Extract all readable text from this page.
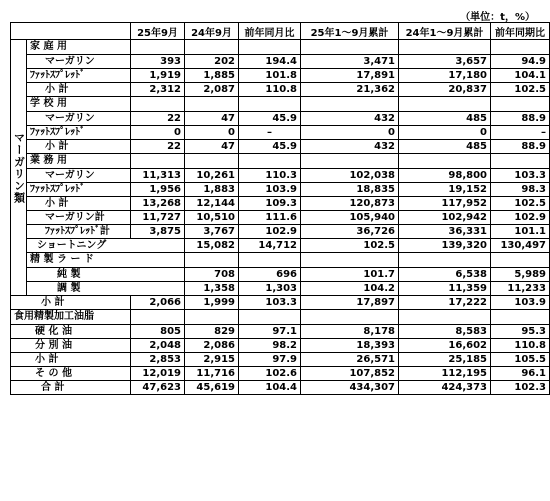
（単位：t，%）
		25年9月	24年9月	前年同月比	25年1～9月累計	24年1～9月累計	前年同期比	
マーガリン類	家 庭 用							
	マーガリン	393	202	194.4	3,471	3,657	94.9	
	ﾌｧｯﾄｽﾌﾟﾚｯﾄﾞ	1,919	1,885	101.8	17,891	17,180	104.1	
	小 計	2,312	2,087	110.8	21,362	20,837	102.5	
	学 校 用							
	マーガリン	22	47	45.9	432	485	88.9	
	ﾌｧｯﾄｽﾌﾟﾚｯﾄﾞ	0	0	–	0	0	–	
	小 計	22	47	45.9	432	485	88.9	
	業 務 用							
	マーガリン	11,313	10,261	110.3	102,038	98,800	103.3	
	ﾌｧｯﾄｽﾌﾟﾚｯﾄﾞ	1,956	1,883	103.9	18,835	19,152	98.3	
	小 計	13,268	12,144	109.3	120,873	117,952	102.5	
	マーガリン計	11,727	10,510	111.6	105,940	102,942	102.9	
	ﾌｧｯﾄｽﾌﾟﾚｯﾄﾞ計	3,875	3,767	102.9	36,726	36,331	101.1	
	ショートニング		15,082	14,712	102.5	139,320	130,497	
	精 製 ラ ー ド							
	純 製		708	696	101.7	6,538	5,989	
	調 製		1,358	1,303	104.2	11,359	11,233	
小 計		2,066	1,999	103.3	17,897	17,222	103.9	
食用精製加工油脂								
硬 化 油		805	829	97.1	8,178	8,583	95.3	
分 別 油		2,048	2,086	98.2	18,393	16,602	110.8	
小 計		2,853	2,915	97.9	26,571	25,185	105.5	
そ の 他		12,019	11,716	102.6	107,852	112,195	96.1	
合 計		47,623	45,619	104.4	434,307	424,373	102.3	
